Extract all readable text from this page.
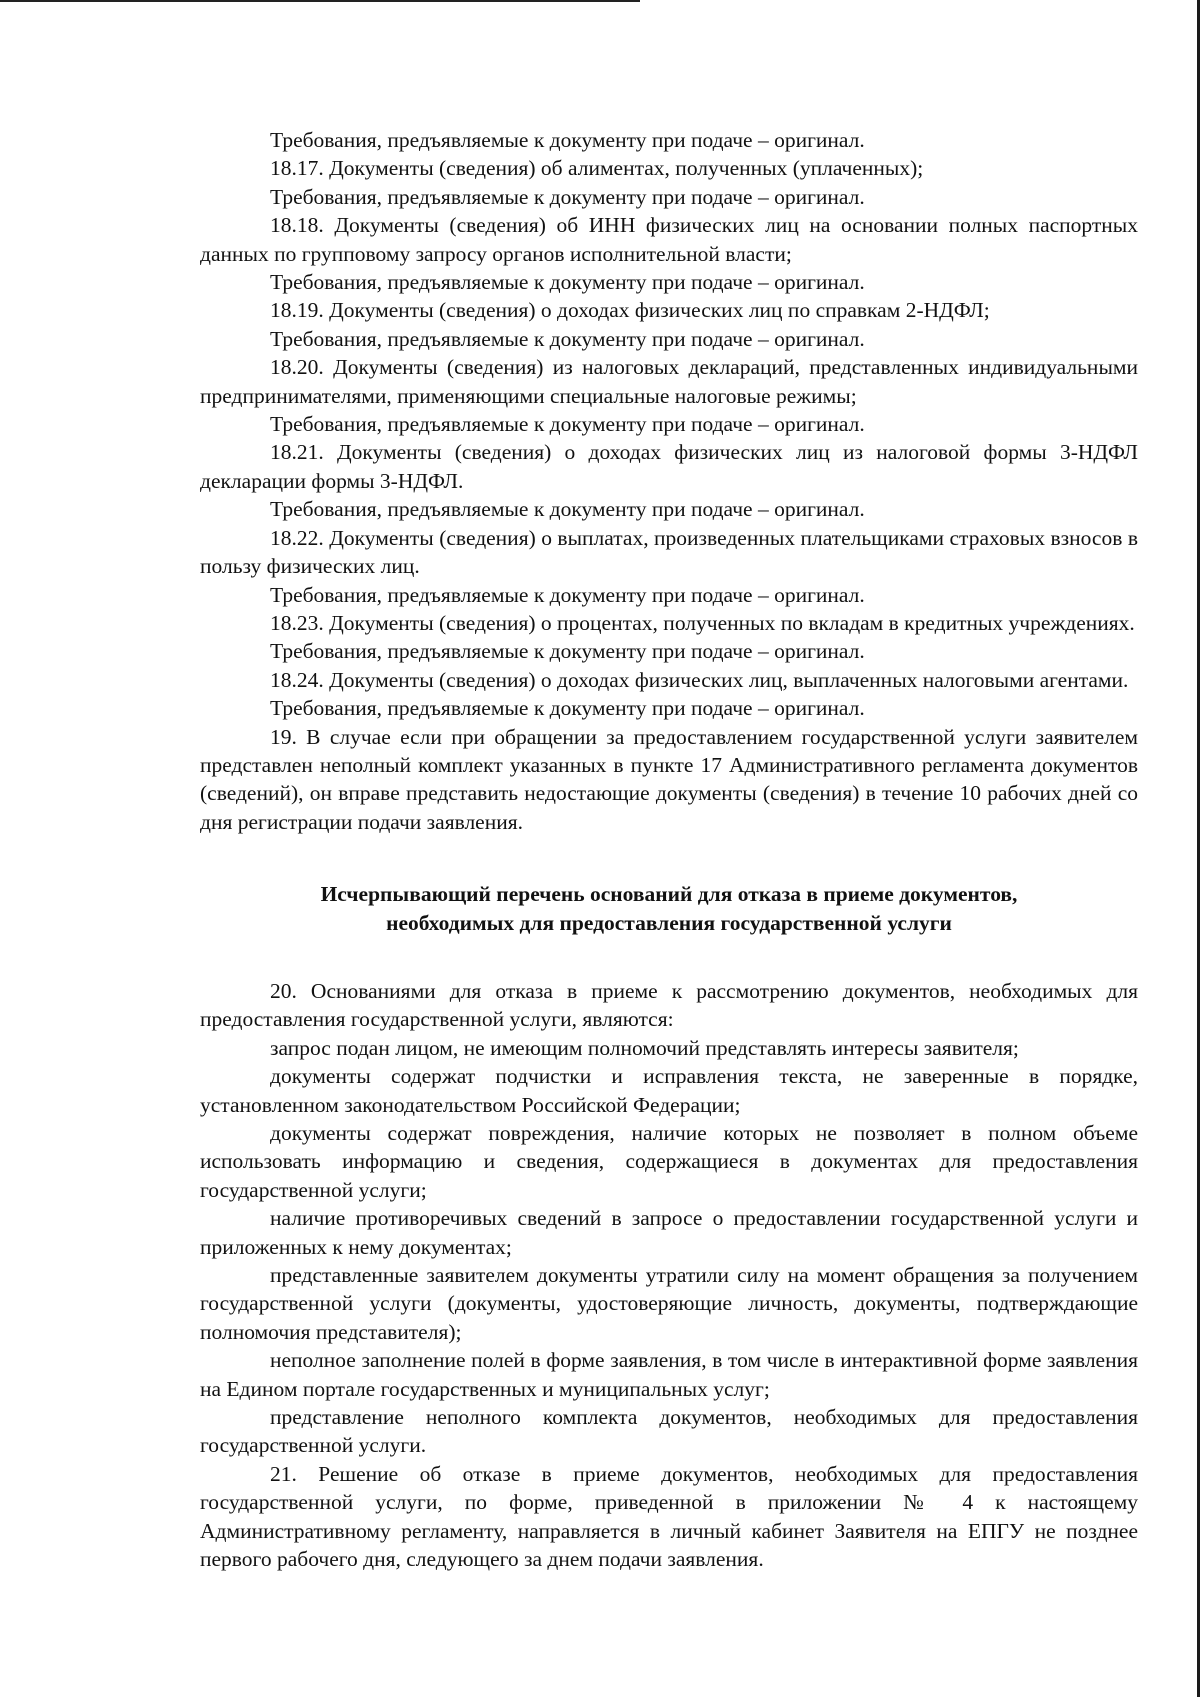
Требования, предъявляемые к документу при подаче – оригинал.

18.17. Документы (сведения) об алиментах, полученных (уплаченных);

Требования, предъявляемые к документу при подаче – оригинал.

18.18. Документы (сведения) об ИНН физических лиц на основании полных паспортных данных по групповому запросу органов исполнительной власти;

Требования, предъявляемые к документу при подаче – оригинал.

18.19. Документы (сведения) о доходах физических лиц по справкам 2-НДФЛ;

Требования, предъявляемые к документу при подаче – оригинал.

18.20. Документы (сведения) из налоговых деклараций, представленных индивидуальными предпринимателями, применяющими специальные налоговые режимы;

Требования, предъявляемые к документу при подаче – оригинал.

18.21. Документы (сведения) о доходах физических лиц из налоговой формы 3-НДФЛ декларации формы 3-НДФЛ.

Требования, предъявляемые к документу при подаче – оригинал.

18.22. Документы (сведения) о выплатах, произведенных плательщиками страховых взносов в пользу физических лиц.

Требования, предъявляемые к документу при подаче – оригинал.

18.23. Документы (сведения) о процентах, полученных по вкладам в кредитных учреждениях.

Требования, предъявляемые к документу при подаче – оригинал.

18.24. Документы (сведения) о доходах физических лиц, выплаченных налоговыми агентами.

Требования, предъявляемые к документу при подаче – оригинал.

19. В случае если при обращении за предоставлением государственной услуги заявителем представлен неполный комплект указанных в пункте 17 Административного регламента документов (сведений), он вправе представить недостающие документы (сведения) в течение 10 рабочих дней со дня регистрации подачи заявления.

Исчерпывающий перечень оснований для отказа в приеме документов,
необходимых для предоставления государственной услуги

20. Основаниями для отказа в приеме к рассмотрению документов, необходимых для предоставления государственной услуги, являются:

запрос подан лицом, не имеющим полномочий представлять интересы заявителя;

документы содержат подчистки и исправления текста, не заверенные в порядке, установленном законодательством Российской Федерации;

документы содержат повреждения, наличие которых не позволяет в полном объеме использовать информацию и сведения, содержащиеся в документах для предоставления государственной услуги;

наличие противоречивых сведений в запросе о предоставлении государственной услуги и приложенных к нему документах;

представленные заявителем документы утратили силу на момент обращения за получением государственной услуги (документы, удостоверяющие личность, документы, подтверждающие полномочия представителя);

неполное заполнение полей в форме заявления, в том числе в интерактивной форме заявления на Едином портале государственных и муниципальных услуг;

представление неполного комплекта документов, необходимых для предоставления государственной услуги.

21. Решение об отказе в приеме документов, необходимых для предоставления государственной услуги, по форме, приведенной в приложении № 4 к настоящему Административному регламенту, направляется в личный кабинет Заявителя на ЕПГУ не позднее первого рабочего дня, следующего за днем подачи заявления.
